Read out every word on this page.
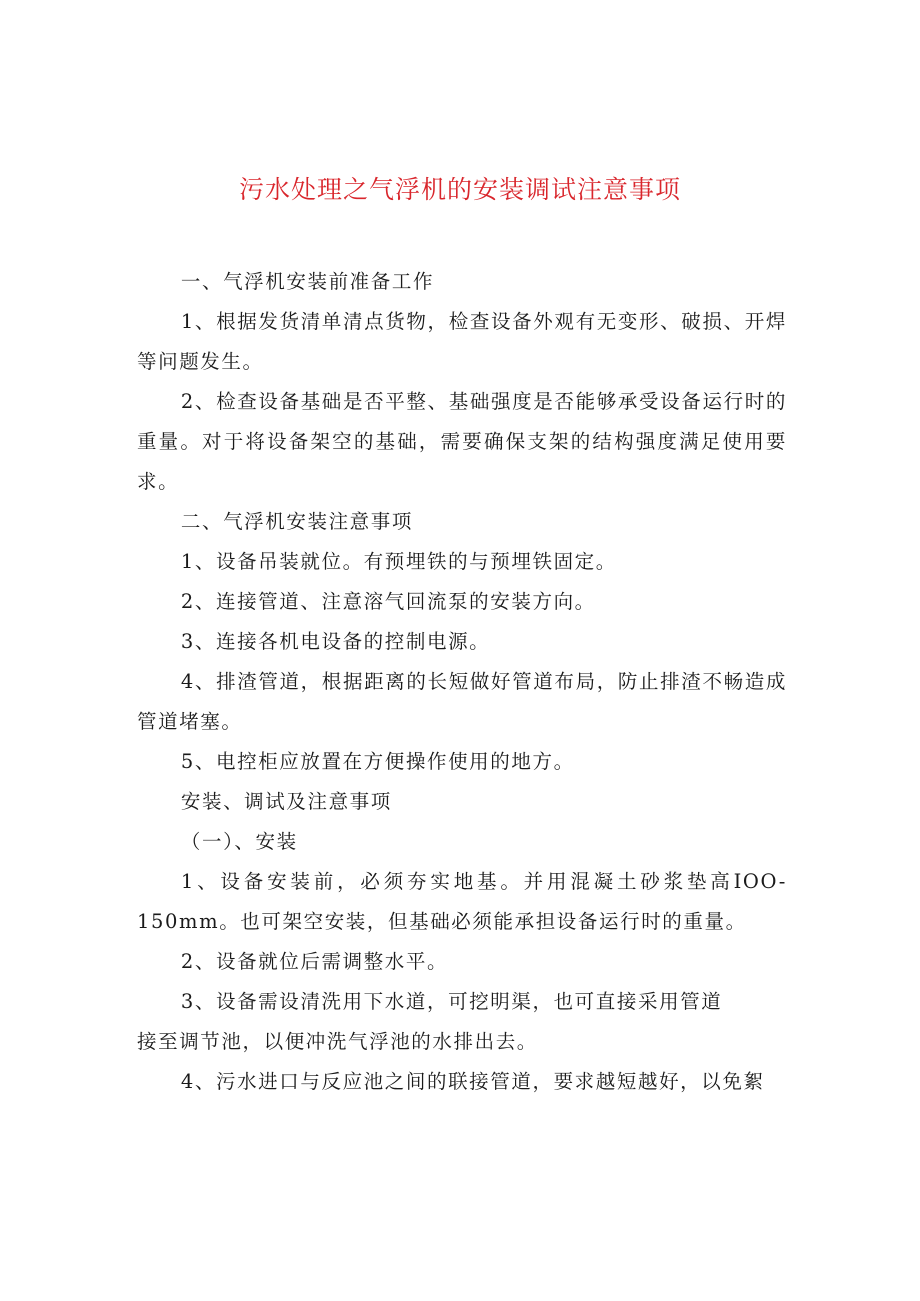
污水处理之气浮机的安装调试注意事项

一、气浮机安装前准备工作

1、根据发货清单清点货物，检查设备外观有无变形、破损、开焊等问题发生。

2、检查设备基础是否平整、基础强度是否能够承受设备运行时的重量。对于将设备架空的基础，需要确保支架的结构强度满足使用要求。

二、气浮机安装注意事项

1、设备吊装就位。有预埋铁的与预埋铁固定。

2、连接管道、注意溶气回流泵的安装方向。

3、连接各机电设备的控制电源。

4、排渣管道，根据距离的长短做好管道布局，防止排渣不畅造成管道堵塞。

5、电控柜应放置在方便操作使用的地方。

安装、调试及注意事项

（一）、安装

1、设备安装前，必须夯实地基。并用混凝土砂浆垫高IOO-150mm。也可架空安装，但基础必须能承担设备运行时的重量。

2、设备就位后需调整水平。

3、设备需设清洗用下水道，可挖明渠，也可直接采用管道

接至调节池，以便冲洗气浮池的水排出去。

4、污水进口与反应池之间的联接管道，要求越短越好，以免絮
